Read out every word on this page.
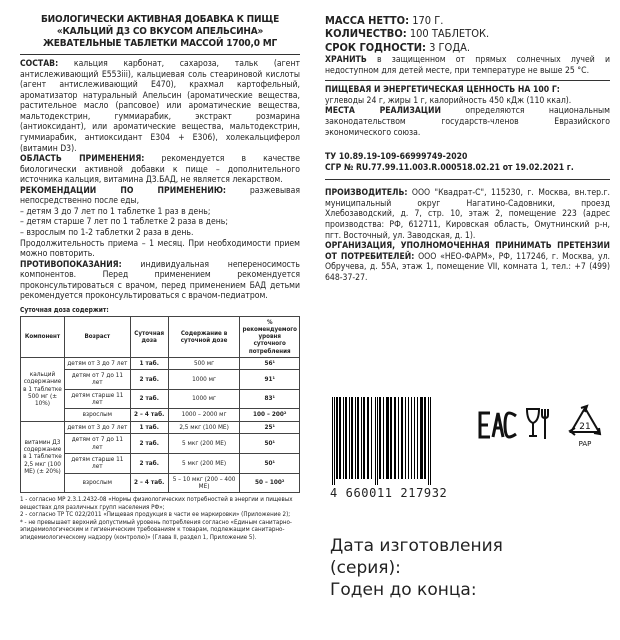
БИОЛОГИЧЕСКИ АКТИВНАЯ ДОБАВКА К ПИЩЕ «КАЛЬЦИЙ Д3 СО ВКУСОМ АПЕЛЬСИНА» ЖЕВАТЕЛЬНЫЕ ТАБЛЕТКИ МАССОЙ 1700,0 МГ

СОСТАВ: кальция карбонат, сахароза, тальк (агент антислеживающий Е553iii), кальциевая соль стеариновой кислоты (агент антислеживающий Е470), крахмал картофельный, ароматизатор натуральный Апельсин (ароматические вещества, растительное масло (рапсовое) или ароматические вещества, мальтодекстрин, гуммиарабик, экстракт розмарина (антиоксидант), или ароматические вещества, мальтодекстрин, гуммиарабик, антиоксидант Е304 + Е306), холекальциферол (витамин D3).

ОБЛАСТЬ ПРИМЕНЕНИЯ: рекомендуется в качестве биологически активной добавки к пище – дополнительного источника кальция, витамина Д3.БАД, не является лекарством.

РЕКОМЕНДАЦИИ ПО ПРИМЕНЕНИЮ: разжевывая непосредственно после еды,

– детям 3 до 7 лет по 1 таблетке 1 раз в день;

– детям старше 7 лет по 1 таблетке 2 раза в день;

– взрослым по 1-2 таблетки 2 раза в день.

Продолжительность приема – 1 месяц. При необходимости прием можно повторить.

ПРОТИВОПОКАЗАНИЯ: индивидуальная непереносимость компонентов. Перед применением рекомендуется проконсультироваться с врачом, перед применением БАД детьми рекомендуется проконсультироваться с врачом-педиатром.

Суточная доза содержит:

Компонент	Возраст	Суточная доза	Содержание в суточной дозе	% рекомендуемого уровня суточного потребления
кальций содержание в 1 таблетке 500 мг (± 10%)	детям от 3 до 7 лет	1 таб.	500 мг	56¹
	детям от 7 до 11 лет	2 таб.	1000 мг	91¹
	детям старше 11 лет	2 таб.	1000 мг	83¹
	взрослым	2 – 4 таб.	1000 – 2000 мг	100 – 200²
витамин Д3 содержание в 1 таблетке 2,5 мкг (100 МЕ) (± 20%)	детям от 3 до 7 лет	1 таб.	2,5 мкг (100 МЕ)	25¹
	детям от 7 до 11 лет	2 таб.	5 мкг (200 МЕ)	50¹
	детям старше 11 лет	2 таб.	5 мкг (200 МЕ)	50¹
	взрослым	2 – 4 таб.	5 – 10 мкг (200 – 400 МЕ)	50 – 100²

1 - согласно МР 2.3.1.2432-08 «Нормы физиологических потребностей в энергии и пищевых веществах для различных групп населения РФ»;

2 - согласно ТР ТС 022/2011 «Пищевая продукция в части ее маркировки» (Приложение 2);

* - не превышает верхний допустимый уровень потребления согласно «Единым санитарно-эпидемиологическим и гигиеническим требованиям к товарам, подлежащим санитарно-эпидемиологическому надзору (контролю)» (Глава II, раздел 1, Приложение 5).

МАССА НЕТТО: 170 Г.

КОЛИЧЕСТВО: 100 ТАБЛЕТОК.

СРОК ГОДНОСТИ: 3 ГОДА.

ХРАНИТЬ в защищенном от прямых солнечных лучей и недоступном для детей месте, при температуре не выше 25 °С.

ПИЩЕВАЯ И ЭНЕРГЕТИЧЕСКАЯ ЦЕННОСТЬ НА 100 Г:

углеводы 24 г, жиры 1 г, калорийность 450 кДж (110 ккал).

МЕСТА РЕАЛИЗАЦИИ определяются национальным законодательством государств-членов Евразийского экономического союза.

ТУ 10.89.19-109-66999749-2020

СГР № RU.77.99.11.003.R.000518.02.21 от 19.02.2021 г.

ПРОИЗВОДИТЕЛЬ: ООО "Квадрат-С", 115230, г. Москва, вн.тер.г. муниципальный округ Нагатино-Садовники, проезд Хлебозаводский, д. 7, стр. 10, этаж 2, помещение 223 (адрес производства: РФ, 612711, Кировская область, Омутнинский р-н, пгт. Восточный, ул. Заводская, д. 1).

ОРГАНИЗАЦИЯ, УПОЛНОМОЧЕННАЯ ПРИНИМАТЬ ПРЕТЕНЗИИ ОТ ПОТРЕБИТЕЛЕЙ: ООО «НЕО-ФАРМ», РФ, 117246, г. Москва, ул. Обручева, д. 55А, этаж 1, помещение VII, комната 1, тел.: +7 (499) 648-37-27.

4 660011 217932
21
PAP
Дата изготовления
(серия):
Годен до конца:
